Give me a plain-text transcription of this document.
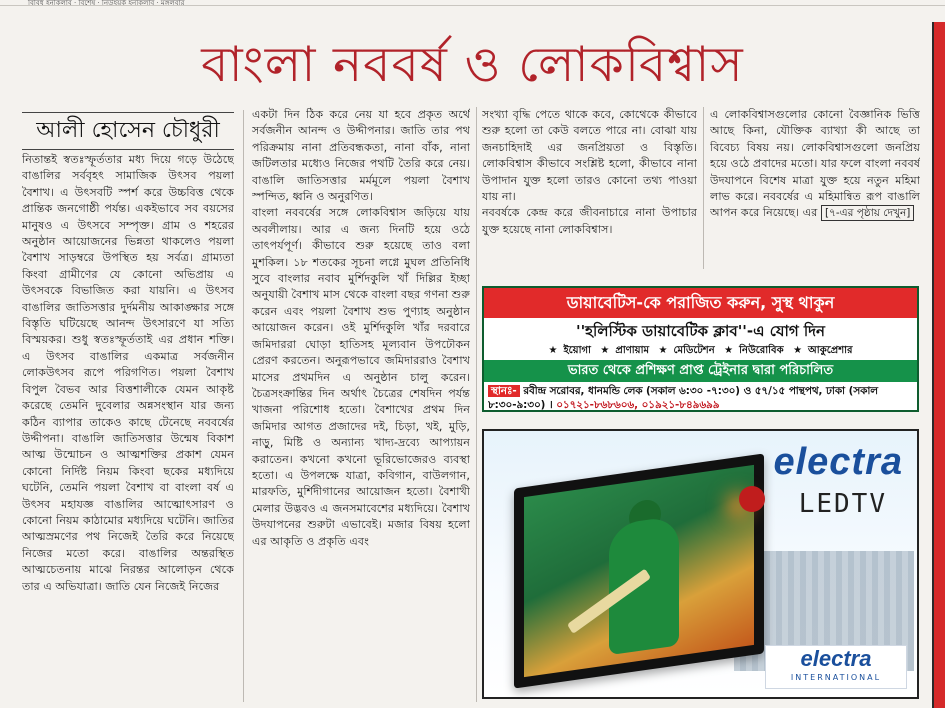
বিবিধ ইনকিলাব · বিশেষ · নিউইয়র্ক ইনকিলাব · মঙ্গলবার
বাংলা নববর্ষ ও লোকবিশ্বাস
আলী হোসেন চৌধুরী

নিতান্তই স্বতঃস্ফূর্ততার মধ্য দিয়ে গড়ে উঠেছে বাঙালির সর্ববৃহৎ সামাজিক উৎসব পয়লা বৈশাখ। এ উৎসবটি স্পর্শ করে উচ্চবিত্ত থেকে প্রান্তিক জনগোষ্ঠী পর্যন্ত। একইভাবে সব বয়সের মানুষও এ উৎসবে সম্পৃক্ত। গ্রাম ও শহরের অনুষ্ঠান আয়োজনের ভিন্নতা থাকলেও পয়লা বৈশাখ সাড়ম্বরে উপস্থিত হয় সর্বত্র। গ্রাম্যতা কিংবা গ্রামীণের যে কোনো অভিপ্রায় এ উৎসবকে বিভাজিত করা যায়নি। এ উৎসব বাঙালির জাতিসত্তার দুর্দমনীয় আকাঙ্ক্ষার সঙ্গে বিস্তৃতি ঘটিয়েছে আনন্দ উৎসারণে যা সত্যি বিস্ময়কর। শুধু স্বতঃস্ফূর্ততাই এর প্রধান শক্তি। এ উৎসব বাঙালির একমাত্র সর্বজনীন লোকউৎসব রূপে পরিগণিত। পয়লা বৈশাখ বিপুল বৈভব আর বিত্তশালীকে যেমন আকৃষ্ট করেছে তেমনি দুবেলার অন্নসংস্থান যার জন্য কঠিন ব্যাপার তাকেও কাছে টেনেছে নববর্ষের উদ্দীপনা। বাঙালি জাতিসত্তার উন্মেষ বিকাশ আত্ম উন্মোচন ও আত্মশক্তির প্রকাশ যেমন কোনো নির্দিষ্ট নিয়ম কিংবা ছকের মধ্যদিয়ে ঘটেনি, তেমনি পয়লা বৈশাখ বা বাংলা বর্ষ এ উৎসব মহাযজ্ঞ বাঙালির আত্মোৎসারণ ও কোনো নিয়ম কাঠামোর মধ্যদিয়ে ঘটেনি। জাতির আত্মস্রমণের পথ নিজেই তৈরি করে নিয়েছে নিজের মতো করে। বাঙালির অন্তরস্থিত আত্মচেতনায় মাঝে নিরন্তর আলোড়ন থেকে তার এ অভিযাত্রা। জাতি যেন নিজেই নিজের

একটা দিন ঠিক করে নেয় যা হবে প্রকৃত অর্থে সর্বজনীন আনন্দ ও উদ্দীপনার। জাতি তার পথ পরিক্রমায় নানা প্রতিবন্ধকতা, নানা বাঁক, নানা জটিলতার মধ্যেও নিজের পথটি তৈরি করে নেয়। বাঙালি জাতিসত্তার মর্মমূলে পয়লা বৈশাখ স্পন্দিত, ধ্বনি ও অনুরণিত।

বাংলা নববর্ষের সঙ্গে লোকবিশ্বাস জড়িয়ে যায় অবলীলায়। আর এ জন্য দিনটি হয়ে ওঠে তাৎপর্যপূর্ণ। কীভাবে শুরু হয়েছে তাও বলা মুশকিল। ১৮ শতকের সূচনা লগ্নে মুঘল প্রতিনিধি সুবে বাংলার নবাব মুর্শিদকুলি খাঁ দিল্লির ইচ্ছা অনুযায়ী বৈশাখ মাস থেকে বাংলা বছর গণনা শুরু করেন এবং পয়লা বৈশাখ শুভ পুণ্যাহ অনুষ্ঠান আয়োজন করেন। ওই মুর্শিদকুলি খাঁর দরবারে জমিদাররা ঘোড়া হাতিসহ মূল্যবান উপঢৌকন প্রেরণ করতেন। অনুরূপভাবে জমিদাররাও বৈশাখ মাসের প্রথমদিন এ অনুষ্ঠান চালু করেন। চৈত্রসংক্রান্তির দিন অর্থাৎ চৈত্রের শেষদিন পর্যন্ত খাজনা পরিশোধ হতো। বৈশাখের প্রথম দিন জমিদার আগত প্রজাদের দই, চিড়া, খই, মুড়ি, নাড়ু, মিষ্টি ও অন্যান্য খাদ্য-দ্রব্যে আপ্যায়ন করাতেন। কখনো কখনো ভূরিভোজেরও ব্যবস্থা হতো। এ উপলক্ষে যাত্রা, কবিগান, বাউলগান, মারফতি, মুর্শিদীগানের আয়োজন হতো। বৈশাখী মেলার উদ্ভবও এ জনসমাবেশের মধ্যদিয়ে। বৈশাখ উদযাপনের শুরুটা এভাবেই। মজার বিষয় হলো এর আকৃতি ও প্রকৃতি এবং

সংখ্যা বৃদ্ধি পেতে থাকে কবে, কোথেকে কীভাবে শুরু হলো তা কেউ বলতে পারে না। বোঝা যায় জনচাহিদাই এর জনপ্রিয়তা ও বিস্তৃতি। লোকবিশ্বাস কীভাবে সংশ্লিষ্ট হলো, কীভাবে নানা উপাদান যুক্ত হলো তারও কোনো তথ্য পাওয়া যায় না।

নববর্ষকে কেন্দ্র করে জীবনাচারে নানা উপাচার যুক্ত হয়েছে নানা লোকবিশ্বাস।

এ লোকবিশ্বাসগুলোর কোনো বৈজ্ঞানিক ভিত্তি আছে কিনা, যৌক্তিক ব্যাখ্যা কী আছে তা বিবেচ্য বিষয় নয়। লোকবিশ্বাসগুলো জনপ্রিয় হয়ে ওঠে প্রবাদের মতো। যার ফলে বাংলা নববর্ষ উদযাপনে বিশেষ মাত্রা যুক্ত হয়ে নতুন মহিমা লাভ করে। নববর্ষের এ মহিমান্বিত রূপ বাঙালি আপন করে নিয়েছে। এর [৭-এর পৃষ্ঠায় দেখুন]

ডায়াবেটিস-কে পরাজিত করুন, সুস্থ থাকুন
''হলিস্টিক ডায়াবেটিক ক্লাব''-এ যোগ দিন
★ ইয়োগা ★ প্রাণায়াম ★ মেডিটেশন ★ নিউরোবিক ★ আকুপ্রেশার
ভারত থেকে প্রশিক্ষণ প্রাপ্ত ট্রেইনার দ্বারা পরিচালিত
স্থানঃ- রবীন্দ্র সরোবর, ধানমন্ডি লেক (সকাল ৬:৩০ -৭:৩০) ও ৫৭/১৫ পান্থপথ, ঢাকা (সকাল ৮:৩০-৯:৩০) । ০১৭২১-৮৬৮৬০৬, ০১৯২১-৮৪৯৬৯৯
electra
LEDTV
electra
INTERNATIONAL
